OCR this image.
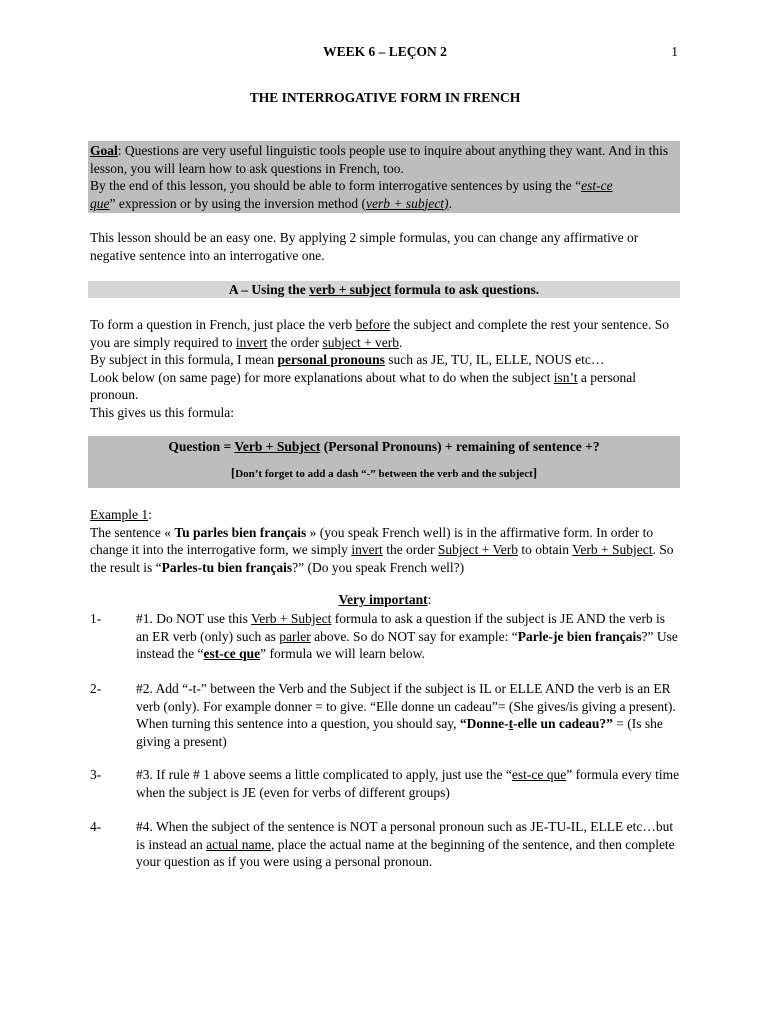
WEEK 6 – LEÇON 2	1
THE INTERROGATIVE FORM IN FRENCH
Goal: Questions are very useful linguistic tools people use to inquire about anything they want. And in this lesson, you will learn how to ask questions in French, too.
By the end of this lesson, you should be able to form interrogative sentences by using the “est-ce
que” expression or by using the inversion method (verb + subject).
This lesson should be an easy one. By applying 2 simple formulas, you can change any affirmative or negative sentence into an interrogative one.
A – Using the verb + subject formula to ask questions.
To form a question in French, just place the verb before the subject and complete the rest your sentence. So you are simply required to invert the order subject + verb.
By subject in this formula, I mean personal pronouns such as JE, TU, IL, ELLE, NOUS etc…
Look below (on same page) for more explanations about what to do when the subject isn’t a personal pronoun.
This gives us this formula:
Question = Verb + Subject (Personal Pronouns) + remaining of sentence +?
[Don’t forget to add a dash “-” between the verb and the subject]
Example 1:
The sentence « Tu parles bien français » (you speak French well) is in the affirmative form. In order to change it into the interrogative form, we simply invert the order Subject + Verb to obtain Verb + Subject. So the result is “Parles-tu bien français?” (Do you speak French well?)
Very important:
1-	#1. Do NOT use this Verb + Subject formula to ask a question if the subject is JE AND the verb is an ER verb (only) such as parler above. So do NOT say for example: “Parle-je bien français?” Use instead the “est-ce que” formula we will learn below.
2-	#2. Add “-t-” between the Verb and the Subject if the subject is IL or ELLE AND the verb is an ER verb (only). For example donner = to give. “Elle donne un cadeau”= (She gives/is giving a present). When turning this sentence into a question, you should say, “Donne-t-elle un cadeau?” = (Is she giving a present)
3-	#3. If rule # 1 above seems a little complicated to apply, just use the “est-ce que” formula every time when the subject is JE (even for verbs of different groups)
4-	#4. When the subject of the sentence is NOT a personal pronoun such as JE-TU-IL, ELLE etc…but is instead an actual name, place the actual name at the beginning of the sentence, and then complete your question as if you were using a personal pronoun.
